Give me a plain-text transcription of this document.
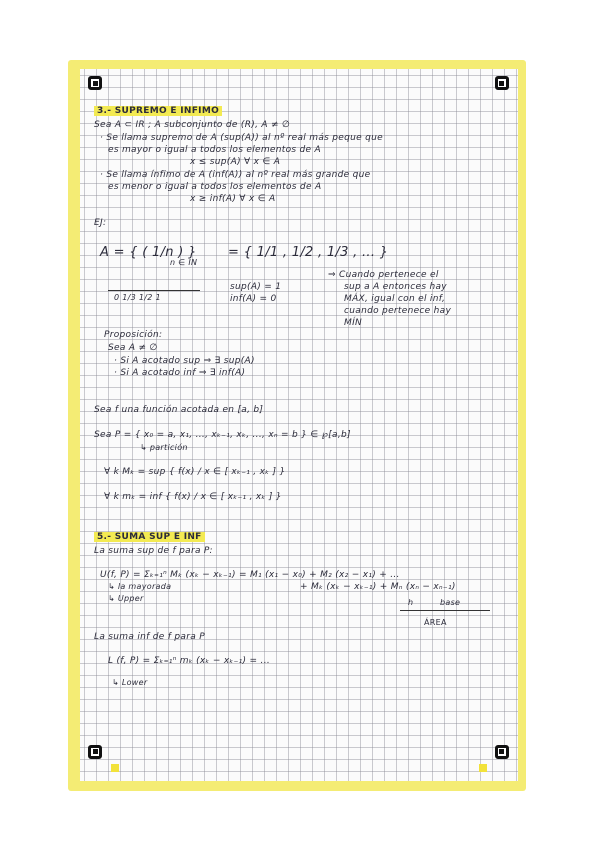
3.- SUPREMO E INFIMO
Sea A ⊂ IR ; A subconjunto de (R), A ≠ ∅
· Se llama supremo de A (sup(A)) al nº real más peque que
es mayor o igual a todos los elementos de A
x ≤ sup(A) ∀ x ∈ A
· Se llama ínfimo de A (inf(A)) al nº real más grande que
es menor o igual a todos los elementos de A
x ≥ inf(A) ∀ x ∈ A
EJ:
A = { ( 1/n ) }
n ∈ IN
= { 1/1 , 1/2 , 1/3 , ... }
0 1/3 1/2 1
sup(A) = 1
inf(A) = 0
⇒ Cuando pertenece el
sup a A entonces hay
MÁX, igual con el inf,
cuando pertenece hay
MÍN
Proposición:
Sea A ≠ ∅
· Si A acotado sup ⇒ ∃ sup(A)
· Si A acotado inf ⇒ ∃ inf(A)
Sea f una función acotada en [a, b]
Sea P = { x₀ = a, x₁, ..., xₖ₋₁, xₖ, ..., xₙ = b } ∈ ℘[a,b]
↳ partición
∀ k Mₖ = sup { f(x) / x ∈ [ xₖ₋₁ , xₖ ] }
∀ k mₖ = inf { f(x) / x ∈ [ xₖ₋₁ , xₖ ] }
5.- SUMA SUP E INF
La suma sup de f para P:
U(f, P) = Σₖ₌₁ⁿ Mₖ (xₖ − xₖ₋₁) = M₁ (x₁ − x₀) + M₂ (x₂ − x₁) + ...
+ Mₖ (xₖ − xₖ₋₁) + Mₙ (xₙ − xₙ₋₁)
↳ la mayorada
↳ Upper	h	base
ÁREA
La suma inf de f para P
L (f, P) = Σₖ₌₁ⁿ mₖ (xₖ − xₖ₋₁) = ...
↳ Lower
